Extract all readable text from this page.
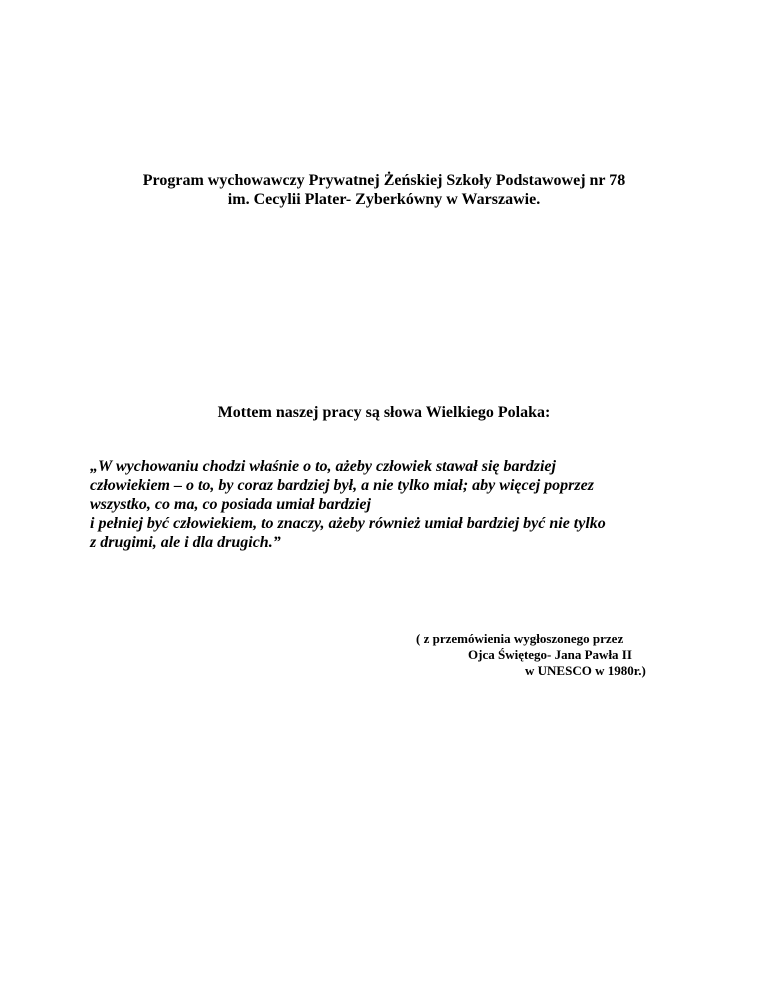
Program wychowawczy Prywatnej Żeńskiej Szkoły Podstawowej nr 78
im. Cecylii Plater- Zyberkówny w Warszawie.
Mottem naszej pracy są słowa Wielkiego Polaka:
„W wychowaniu chodzi właśnie o to, ażeby człowiek stawał się bardziej
człowiekiem – o to, by coraz bardziej był, a nie tylko miał; aby więcej poprzez
wszystko, co ma, co posiada umiał bardziej
i pełniej być człowiekiem, to znaczy, ażeby również umiał bardziej być nie tylko
z drugimi, ale i dla drugich.”
( z przemówienia wygłoszonego przez
Ojca Świętego- Jana Pawła II
w UNESCO w 1980r.)
